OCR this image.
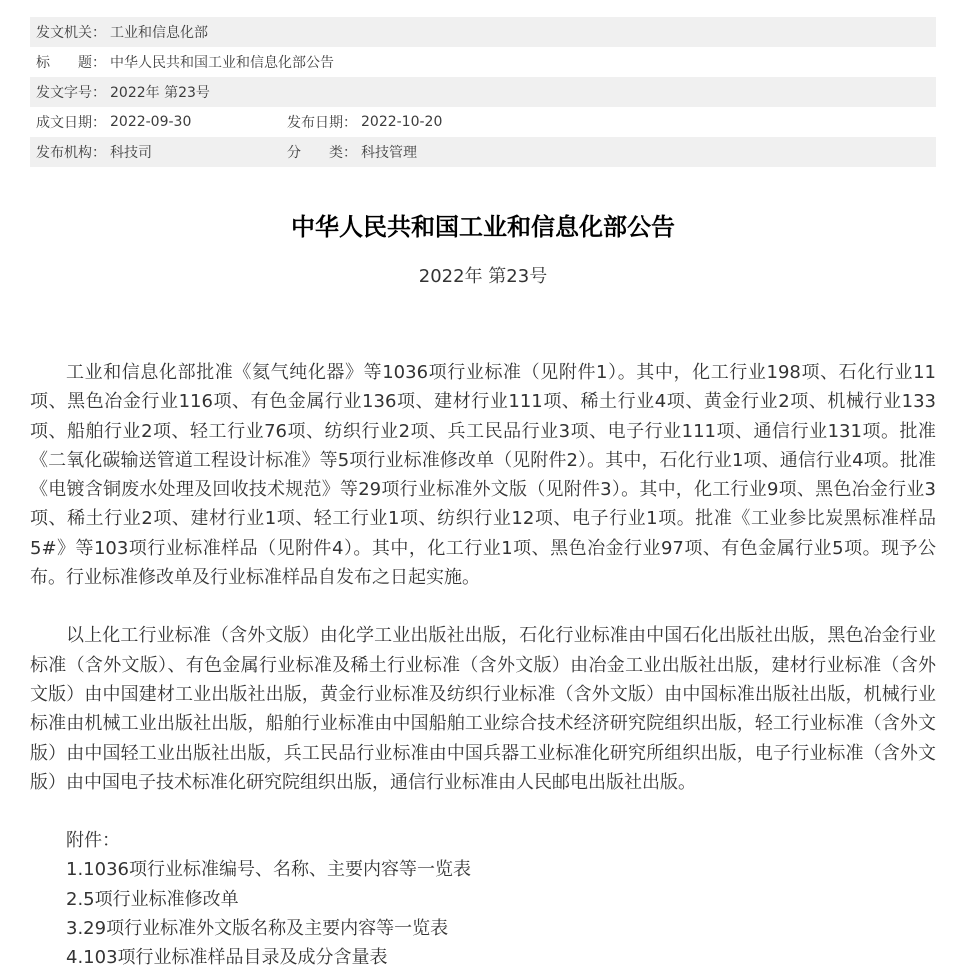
发文机关： 工业和信息化部
标　　题： 中华人民共和国工业和信息化部公告
发文字号： 2022年 第23号
成文日期： 2022-09-30	发布日期： 2022-10-20
发布机构： 科技司	分　　类： 科技管理
中华人民共和国工业和信息化部公告
2022年 第23号

工业和信息化部批准《氦气纯化器》等1036项行业标准（见附件1）。其中，化工行业198项、石化行业11项、黑色冶金行业116项、有色金属行业136项、建材行业111项、稀土行业4项、黄金行业2项、机械行业133项、船舶行业2项、轻工行业76项、纺织行业2项、兵工民品行业3项、电子行业111项、通信行业131项。批准《二氧化碳输送管道工程设计标准》等5项行业标准修改单（见附件2）。其中，石化行业1项、通信行业4项。批准《电镀含铜废水处理及回收技术规范》等29项行业标准外文版（见附件3）。其中，化工行业9项、黑色冶金行业3项、稀土行业2项、建材行业1项、轻工行业1项、纺织行业12项、电子行业1项。批准《工业参比炭黑标准样品 5#》等103项行业标准样品（见附件4）。其中，化工行业1项、黑色冶金行业97项、有色金属行业5项。现予公布。行业标准修改单及行业标准样品自发布之日起实施。

以上化工行业标准（含外文版）由化学工业出版社出版，石化行业标准由中国石化出版社出版，黑色冶金行业标准（含外文版）、有色金属行业标准及稀土行业标准（含外文版）由冶金工业出版社出版，建材行业标准（含外文版）由中国建材工业出版社出版，黄金行业标准及纺织行业标准（含外文版）由中国标准出版社出版，机械行业标准由机械工业出版社出版，船舶行业标准由中国船舶工业综合技术经济研究院组织出版，轻工行业标准（含外文版）由中国轻工业出版社出版，兵工民品行业标准由中国兵器工业标准化研究所组织出版，电子行业标准（含外文版）由中国电子技术标准化研究院组织出版，通信行业标准由人民邮电出版社出版。

附件：
1.1036项行业标准编号、名称、主要内容等一览表
2.5项行业标准修改单
3.29项行业标准外文版名称及主要内容等一览表
4.103项行业标准样品目录及成分含量表
